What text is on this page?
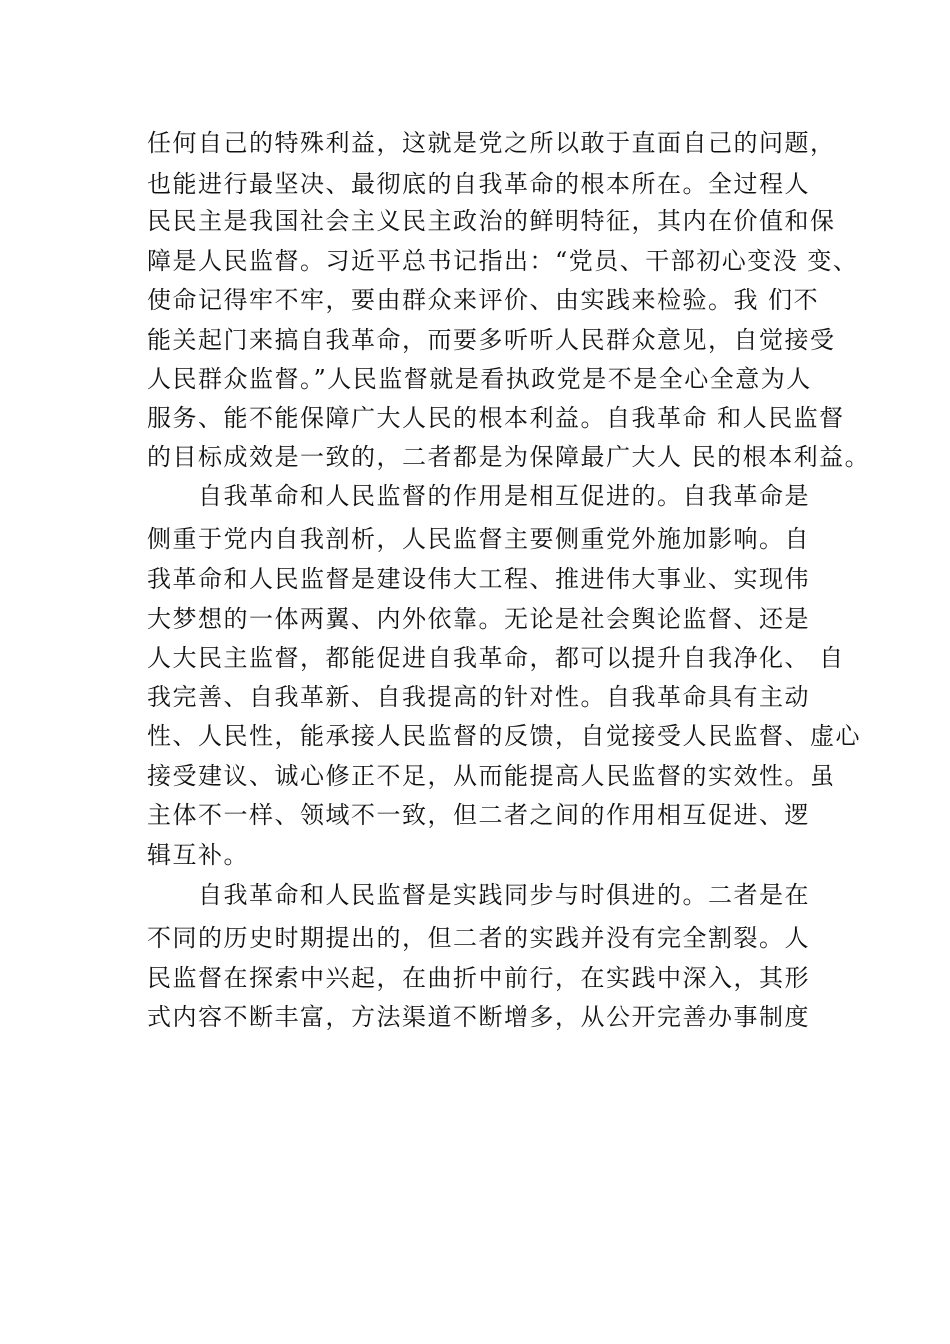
任何自己的特殊利益，这就是党之所以敢于直面自己的问题，
也能进行最坚决、最彻底的自我革命的根本所在。全过程人
民民主是我国社会主义民主政治的鲜明特征，其内在价值和保
障是人民监督。习近平总书记指出：“党员、干部初心变没 变、
使命记得牢不牢，要由群众来评价、由实践来检验。我 们不
能关起门来搞自我革命，而要多听听人民群众意见，自觉接受
人民群众监督。”人民监督就是看执政党是不是全心全意为人
服务、能不能保障广大人民的根本利益。自我革命 和人民监督
的目标成效是一致的，二者都是为保障最广大人 民的根本利益。
自我革命和人民监督的作用是相互促进的。自我革命是
侧重于党内自我剖析，人民监督主要侧重党外施加影响。自
我革命和人民监督是建设伟大工程、推进伟大事业、实现伟
大梦想的一体两翼、内外依靠。无论是社会舆论监督、还是
人大民主监督，都能促进自我革命，都可以提升自我净化、 自
我完善、自我革新、自我提高的针对性。自我革命具有主动
性、人民性，能承接人民监督的反馈，自觉接受人民监督、虚心
接受建议、诚心修正不足，从而能提高人民监督的实效性。虽
主体不一样、领域不一致，但二者之间的作用相互促进、逻
辑互补。
自我革命和人民监督是实践同步与时俱进的。二者是在
不同的历史时期提出的，但二者的实践并没有完全割裂。人
民监督在探索中兴起，在曲折中前行，在实践中深入，其形
式内容不断丰富，方法渠道不断增多，从公开完善办事制度
